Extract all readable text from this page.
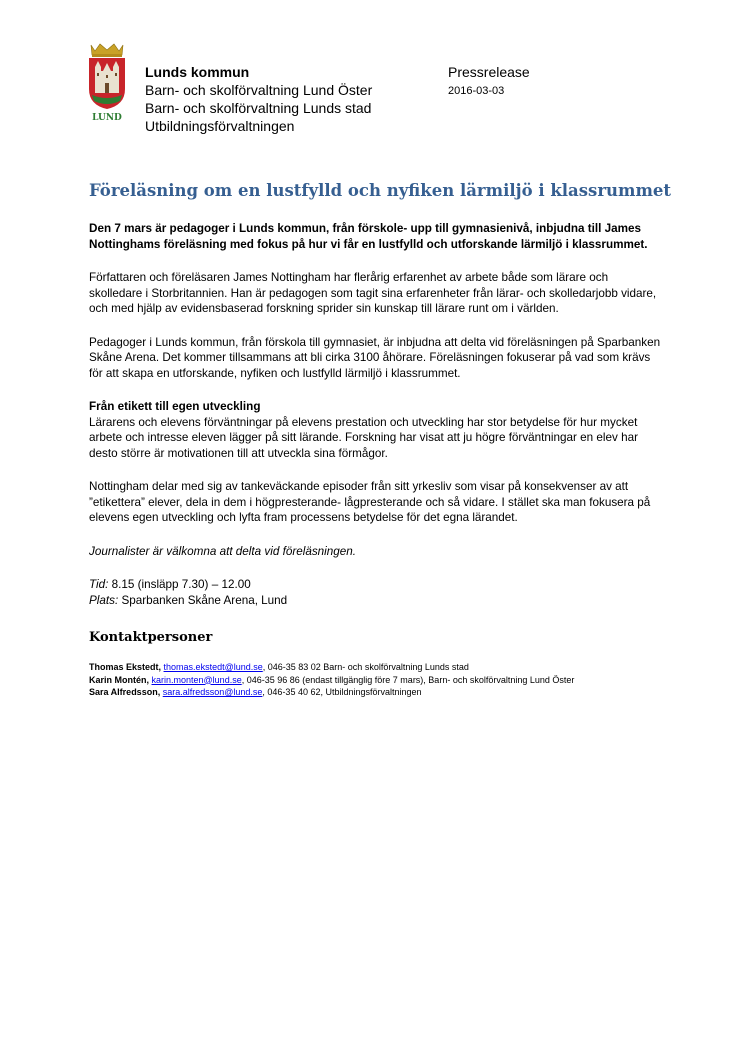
LUND
Lunds kommun
Barn- och skolförvaltning Lund Öster
Barn- och skolförvaltning Lunds stad
Utbildningsförvaltningen
Pressrelease
2016-03-03
Föreläsning om en lustfylld och nyfiken lärmiljö i klassrummet

Den 7 mars är pedagoger i Lunds kommun, från förskole- upp till gymnasienivå, inbjudna till James Nottinghams föreläsning med fokus på hur vi får en lustfylld och utforskande lärmiljö i klassrummet.

Författaren och föreläsaren James Nottingham har flerårig erfarenhet av arbete både som lärare och skolledare i Storbritannien. Han är pedagogen som tagit sina erfarenheter från lärar- och skolledarjobb vidare, och med hjälp av evidensbaserad forskning sprider sin kunskap till lärare runt om i världen.

Pedagoger i Lunds kommun, från förskola till gymnasiet, är inbjudna att delta vid föreläsningen på Sparbanken Skåne Arena. Det kommer tillsammans att bli cirka 3100 åhörare. Föreläsningen fokuserar på vad som krävs för att skapa en utforskande, nyfiken och lustfylld lärmiljö i klassrummet.

Från etikett till egen utveckling

Lärarens och elevens förväntningar på elevens prestation och utveckling har stor betydelse för hur mycket arbete och intresse eleven lägger på sitt lärande. Forskning har visat att ju högre förväntningar en elev har desto större är motivationen till att utveckla sina förmågor.

Nottingham delar med sig av tankeväckande episoder från sitt yrkesliv som visar på konsekvenser av att ”etikettera” elever, dela in dem i högpresterande- lågpresterande och så vidare. I stället ska man fokusera på elevens egen utveckling och lyfta fram processens betydelse för det egna lärandet.

Journalister är välkomna att delta vid föreläsningen.

Tid: 8.15 (insläpp 7.30) – 12.00
Plats: Sparbanken Skåne Arena, Lund

Kontaktpersoner
Thomas Ekstedt, thomas.ekstedt@lund.se, 046-35 83 02 Barn- och skolförvaltning Lunds stad
Karin Montén, karin.monten@lund.se, 046-35 96 86 (endast tillgänglig före 7 mars), Barn- och skolförvaltning Lund Öster
Sara Alfredsson, sara.alfredsson@lund.se, 046-35 40 62, Utbildningsförvaltningen
